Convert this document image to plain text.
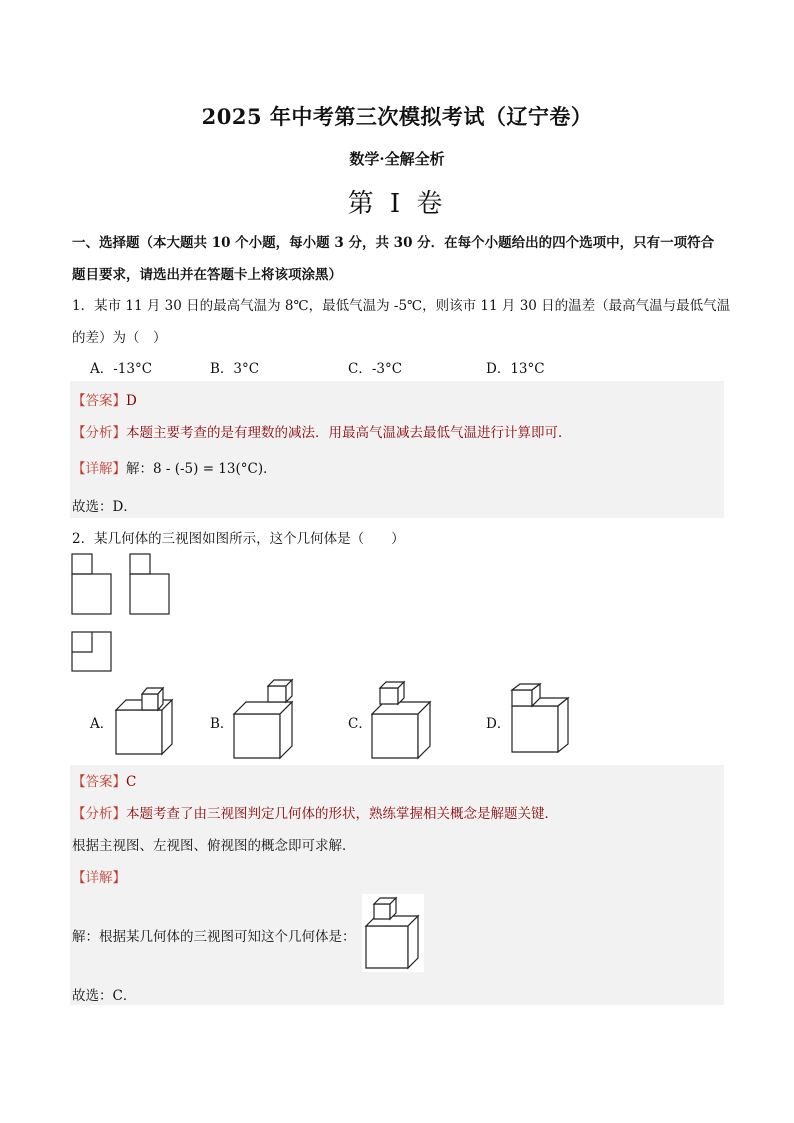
2025 年中考第三次模拟考试（辽宁卷）
数学·全解全析
第 I 卷
一、选择题（本大题共 10 个小题，每小题 3 分，共 30 分．在每个小题给出的四个选项中，只有一项符合
题目要求，请选出并在答题卡上将该项涂黑）
1．某市 11 月 30 日的最高气温为 8℃，最低气温为 -5℃，则该市 11 月 30 日的温差（最高气温与最低气温
的差）为（　）
A．-13°C	B．3°C	C．-3°C	D．13°C
【答案】D
【分析】本题主要考查的是有理数的减法．用最高气温减去最低气温进行计算即可．
【详解】解：8 - (-5) = 13(°C)．
故选：D．
2．某几何体的三视图如图所示，这个几何体是（　　）
A．	B．	C．	D．
【答案】C
【分析】本题考查了由三视图判定几何体的形状，熟练掌握相关概念是解题关键．
根据主视图、左视图、俯视图的概念即可求解．
【详解】
解：根据某几何体的三视图可知这个几何体是：
故选：C．
